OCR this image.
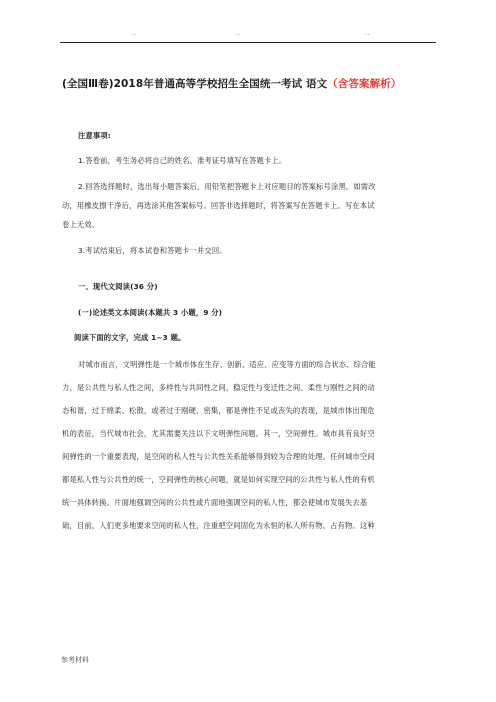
..	..	..
(全国Ⅲ卷)2018年普通高等学校招生全国统一考试 语文（含答案解析）
注意事项:
1.答卷前，考生务必将自己的姓名、准考证号填写在答题卡上。
2.回答选择题时，选出每小题答案后，用铅笔把答题卡上对应题目的答案标号涂黑。如需改
动，用橡皮擦干净后，再选涂其他答案标号。回答非选择题时，将答案写在答题卡上。写在本试
卷上无效。
3.考试结束后，将本试卷和答题卡一并交回。
一、现代文阅读(36 分)
(一)论述类文本阅读(本题共 3 小题，9 分)
阅读下面的文字，完成 1~3 题。
对城市而言，文明弹性是一个城市体在生存、创新、适应、应变等方面的综合状态、综合能
力，是公共性与私人性之间，多样性与共同性之间，稳定性与变迁性之间、柔性与刚性之间的动
态和谐，过于绵柔、松散，或者过于刚硬、密集，都是弹性不足或丧失的表现，是城市体出现危
机的表征，当代城市社会，尤其需要关注以下文明弹性问题。其一，空间弹性。城市具有良好空
间弹性的一个重要表现，是空间的私人性与公共性关系能够得到较为合理的处理。任何城市空间
都是私人性与公共性的统一，空间弹性的核心问题，就是如何实现空间的公共性与私人性的有机
统一具体转换。片面地强调空间的公共性或片面地强调空间的私人性，都会使城市发展失去基
础，目前，人们更多地要求空间的私人性，注重把空间固化为永恒的私人所有物、占有物。这种
参考材料
